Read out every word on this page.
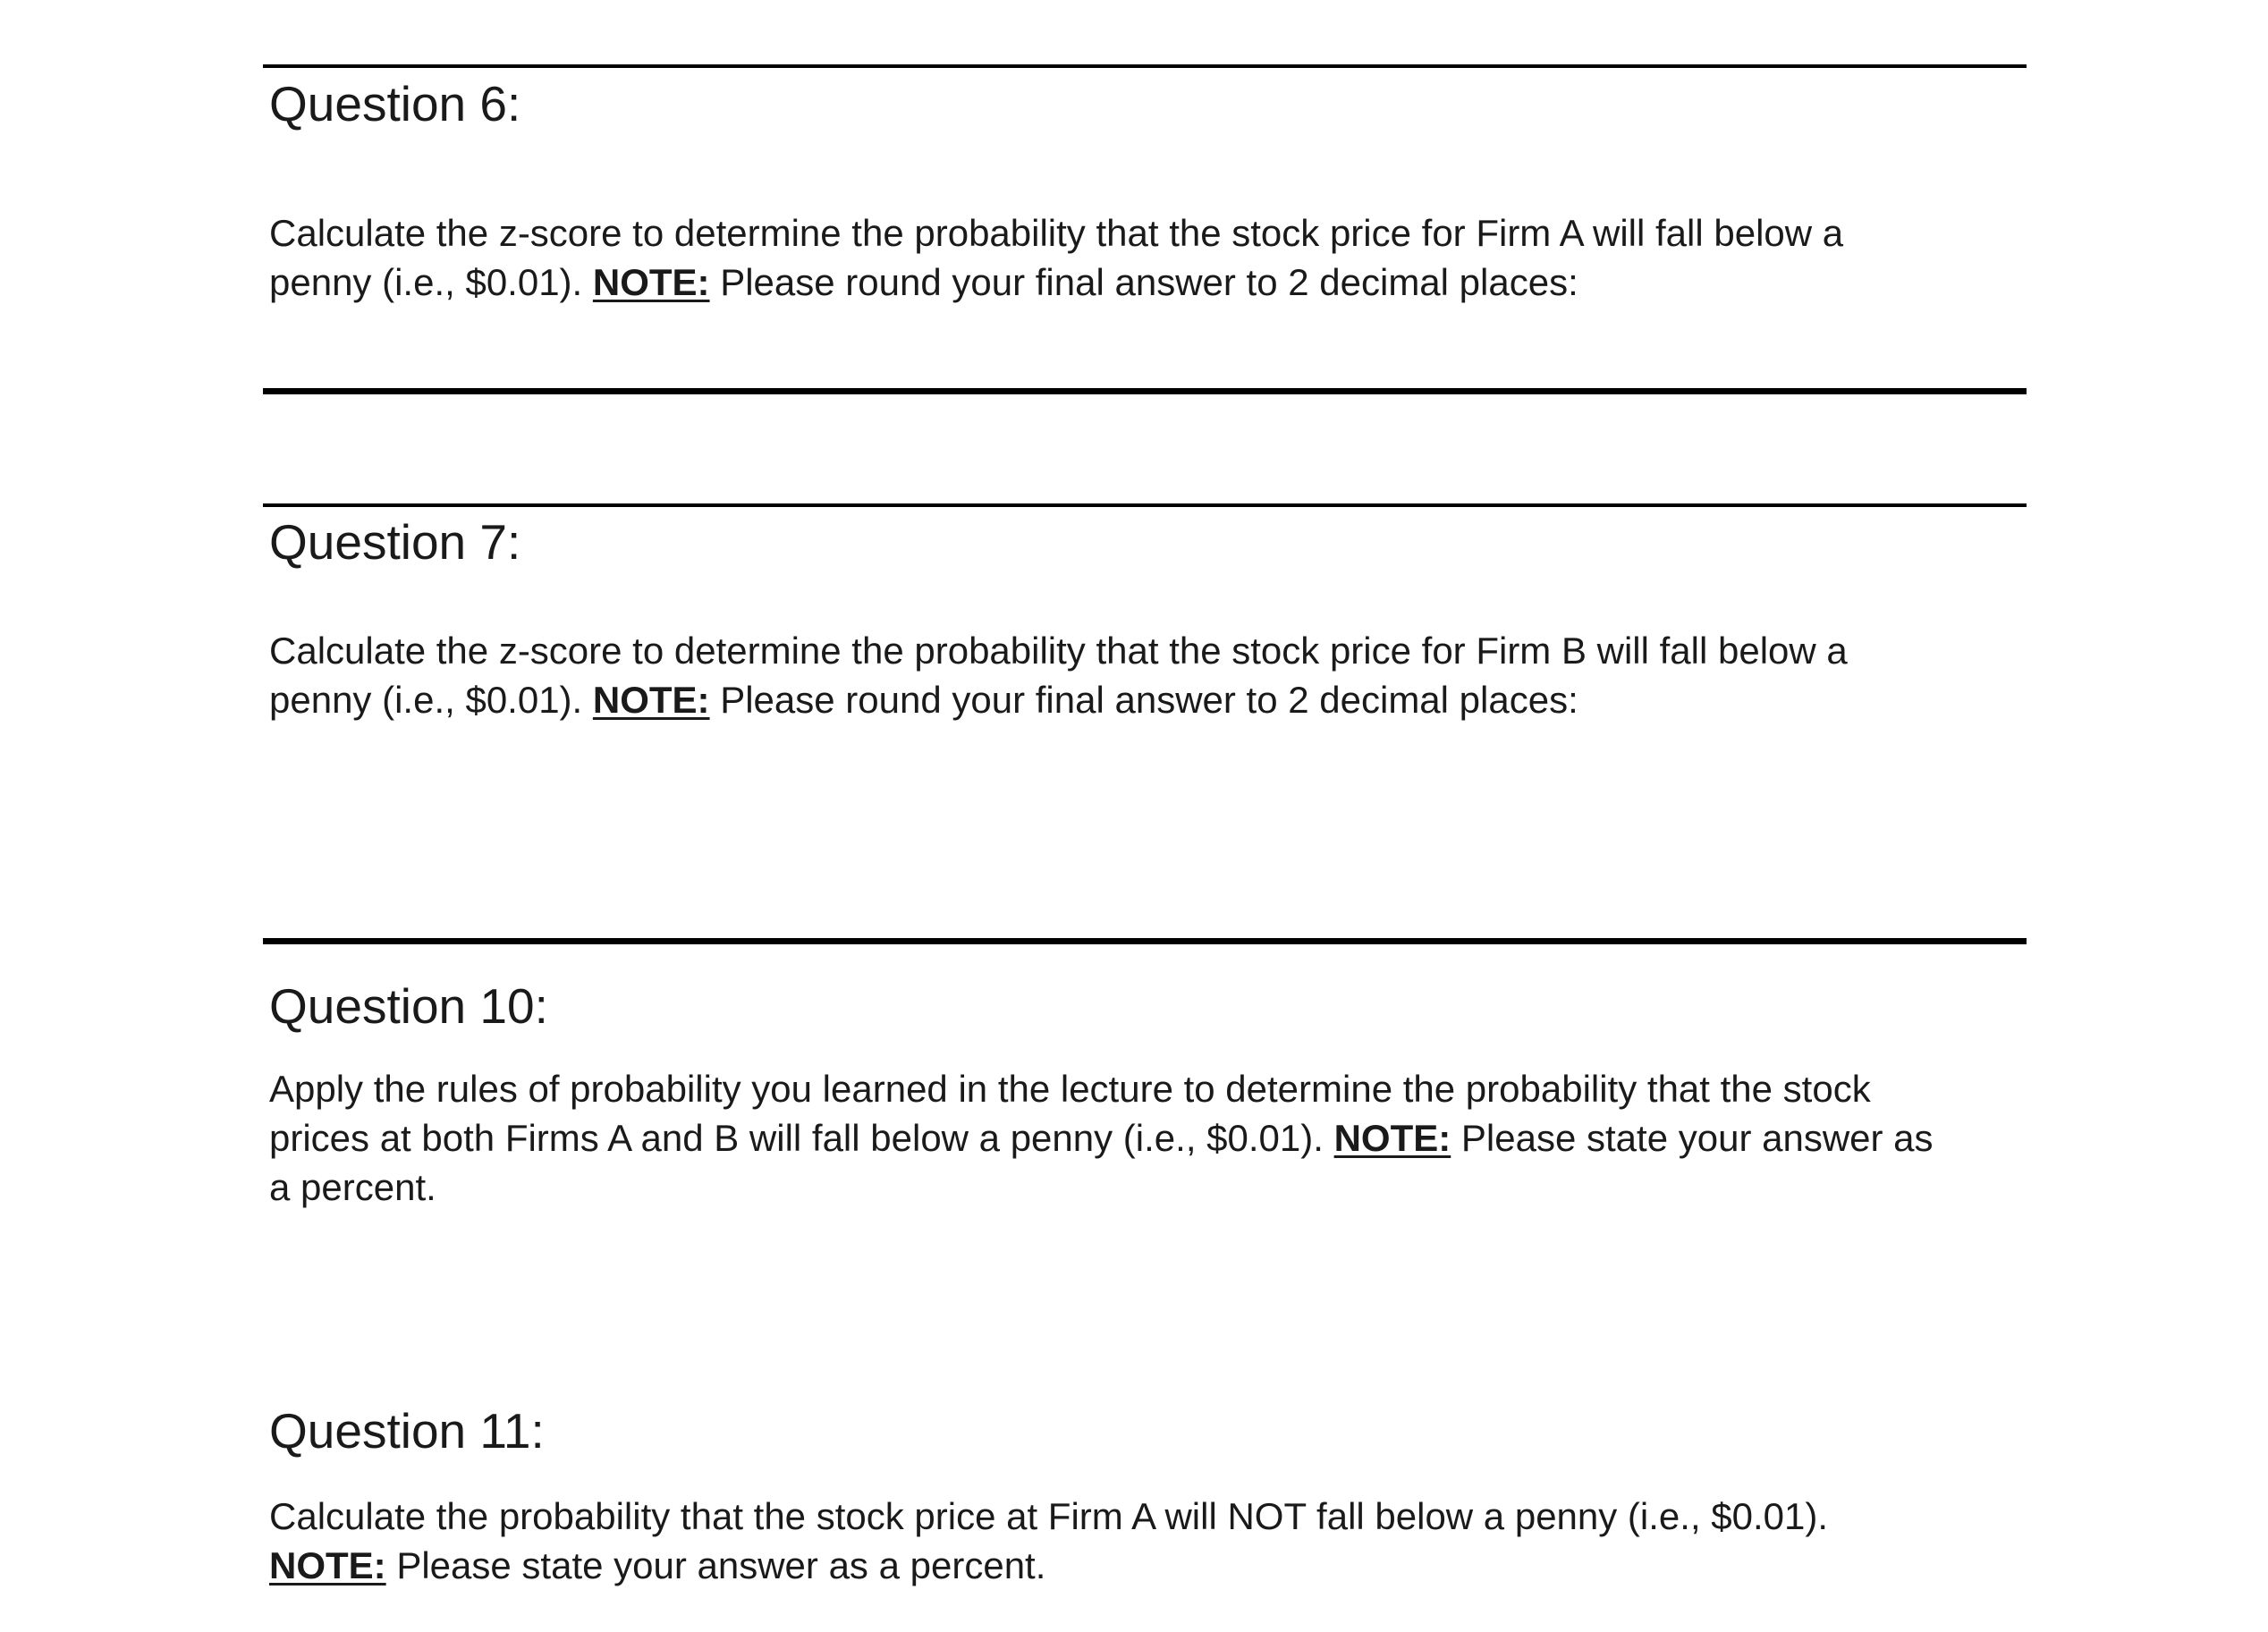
Question 6:

Calculate the z-score to determine the probability that the stock price for Firm A will fall below a
penny (i.e., $0.01). NOTE: Please round your final answer to 2 decimal places:

Question 7:

Calculate the z-score to determine the probability that the stock price for Firm B will fall below a
penny (i.e., $0.01). NOTE: Please round your final answer to 2 decimal places:

Question 10:

Apply the rules of probability you learned in the lecture to determine the probability that the stock
prices at both Firms A and B will fall below a penny (i.e., $0.01). NOTE: Please state your answer as
a percent.

Question 11:

Calculate the probability that the stock price at Firm A will NOT fall below a penny (i.e., $0.01).
NOTE: Please state your answer as a percent.
